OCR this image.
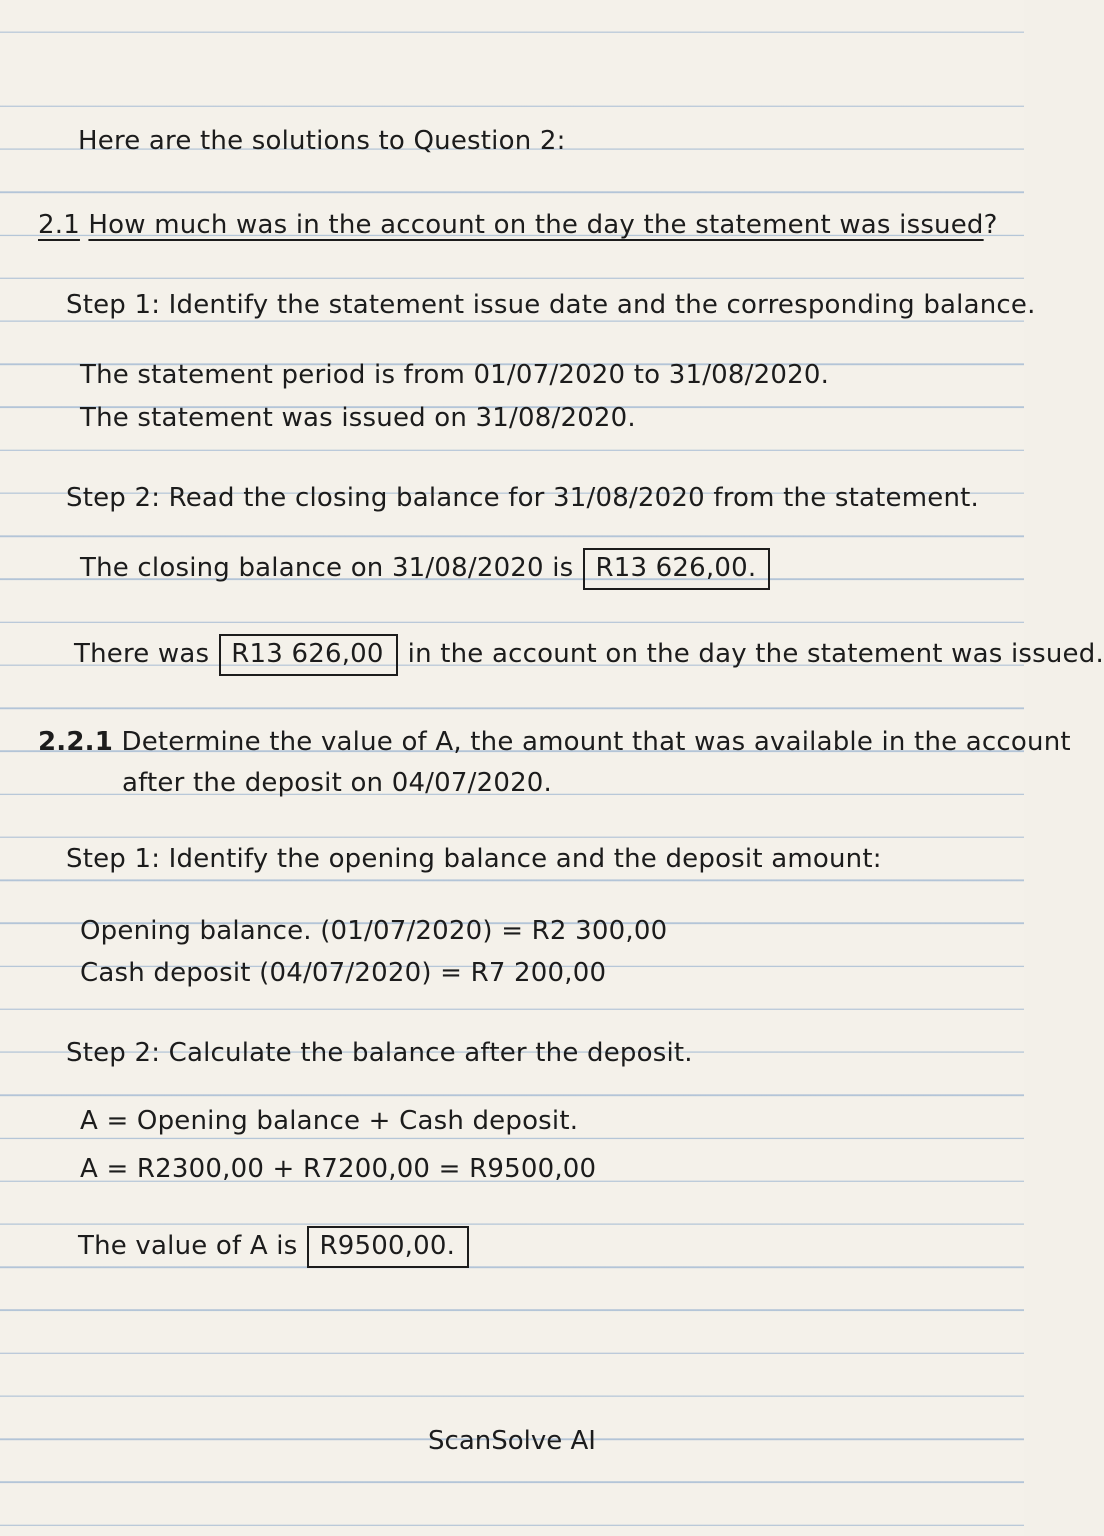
Here are the solutions to Question 2:
2.1 How much was in the account on the day the statement was issued?
Step 1: Identify the statement issue date and the corresponding balance.
The statement period is from 01/07/2020 to 31/08/2020.
The statement was issued on 31/08/2020.
Step 2: Read the closing balance for 31/08/2020 from the statement.
The closing balance on 31/08/2020 is R13 626,00.
There was R13 626,00 in the account on the day the statement was issued.
2.2.1 Determine the value of A, the amount that was available in the account
after the deposit on 04/07/2020.
Step 1: Identify the opening balance and the deposit amount:
Opening balance. (01/07/2020) = R2 300,00
Cash deposit (04/07/2020) = R7 200,00
Step 2: Calculate the balance after the deposit.
A = Opening balance + Cash deposit.
A = R2300,00 + R7200,00 = R9500,00
The value of A is R9500,00.
ScanSolve AI
